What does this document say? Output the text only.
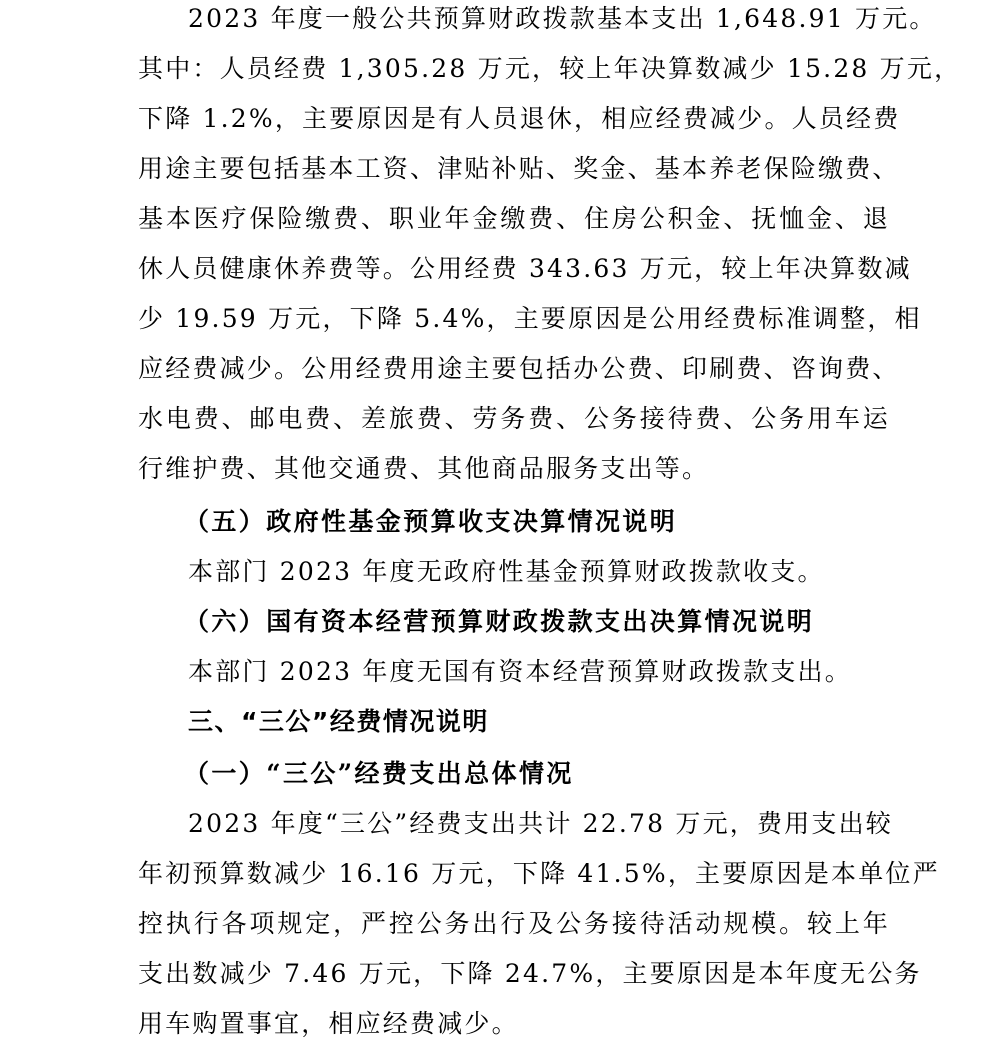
2023 年度一般公共预算财政拨款基本支出 1,648.91 万元。
其中：人员经费 1,305.28 万元，较上年决算数减少 15.28 万元，
下降 1.2%，主要原因是有人员退休，相应经费减少。人员经费
用途主要包括基本工资、津贴补贴、奖金、基本养老保险缴费、
基本医疗保险缴费、职业年金缴费、住房公积金、抚恤金、退
休人员健康休养费等。公用经费 343.63 万元，较上年决算数减
少 19.59 万元，下降 5.4%，主要原因是公用经费标准调整，相
应经费减少。公用经费用途主要包括办公费、印刷费、咨询费、
水电费、邮电费、差旅费、劳务费、公务接待费、公务用车运
行维护费、其他交通费、其他商品服务支出等。
（五）政府性基金预算收支决算情况说明
本部门 2023 年度无政府性基金预算财政拨款收支。
（六）国有资本经营预算财政拨款支出决算情况说明
本部门 2023 年度无国有资本经营预算财政拨款支出。
三、“三公”经费情况说明
（一）“三公”经费支出总体情况
2023 年度“三公”经费支出共计 22.78 万元，费用支出较
年初预算数减少 16.16 万元，下降 41.5%，主要原因是本单位严
控执行各项规定，严控公务出行及公务接待活动规模。较上年
支出数减少 7.46 万元，下降 24.7%，主要原因是本年度无公务
用车购置事宜，相应经费减少。
